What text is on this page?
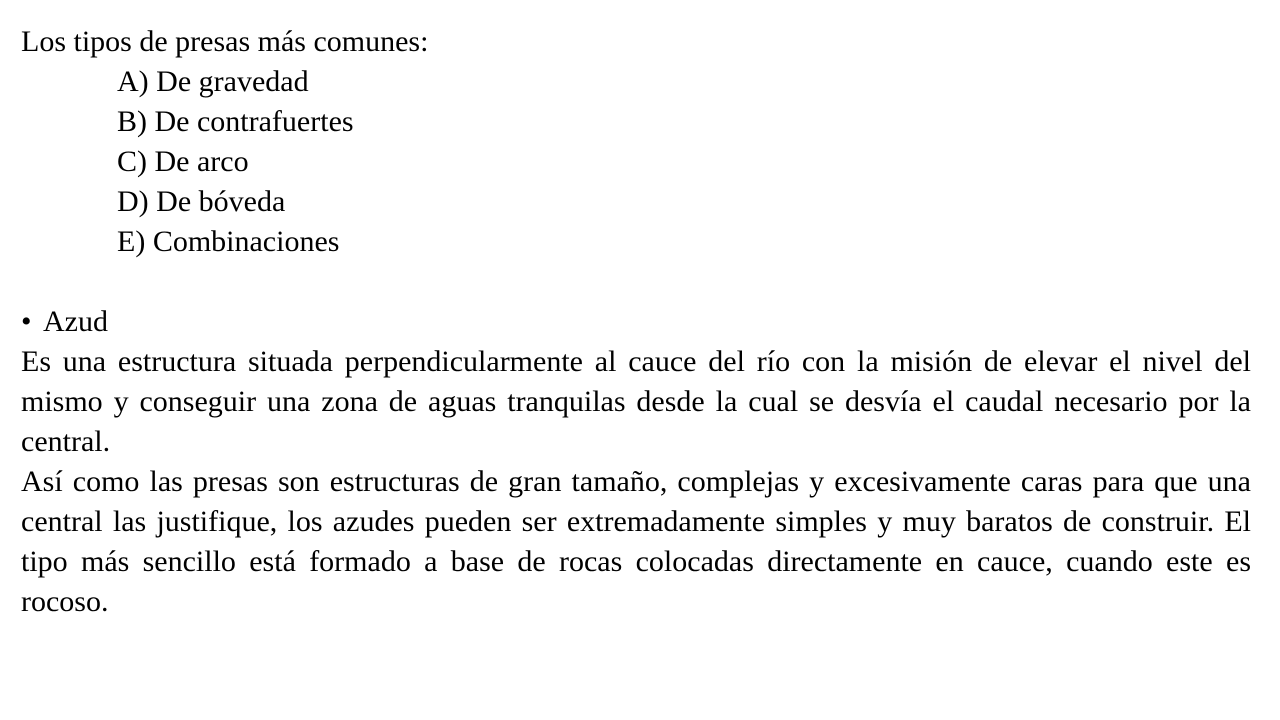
Los tipos de presas más comunes:

A) De gravedad
B) De contrafuertes
C) De arco
D) De bóveda
E) Combinaciones
• Azud

Es una estructura situada perpendicularmente al cauce del río con la misión de elevar el nivel del mismo y conseguir una zona de aguas tranquilas desde la cual se desvía el caudal necesario por la central.

Así como las presas son estructuras de gran tamaño, complejas y excesivamente caras para que una central las justifique, los azudes pueden ser extremadamente simples y muy baratos de construir. El tipo más sencillo está formado a base de rocas colocadas directamente en cauce, cuando este es rocoso.
